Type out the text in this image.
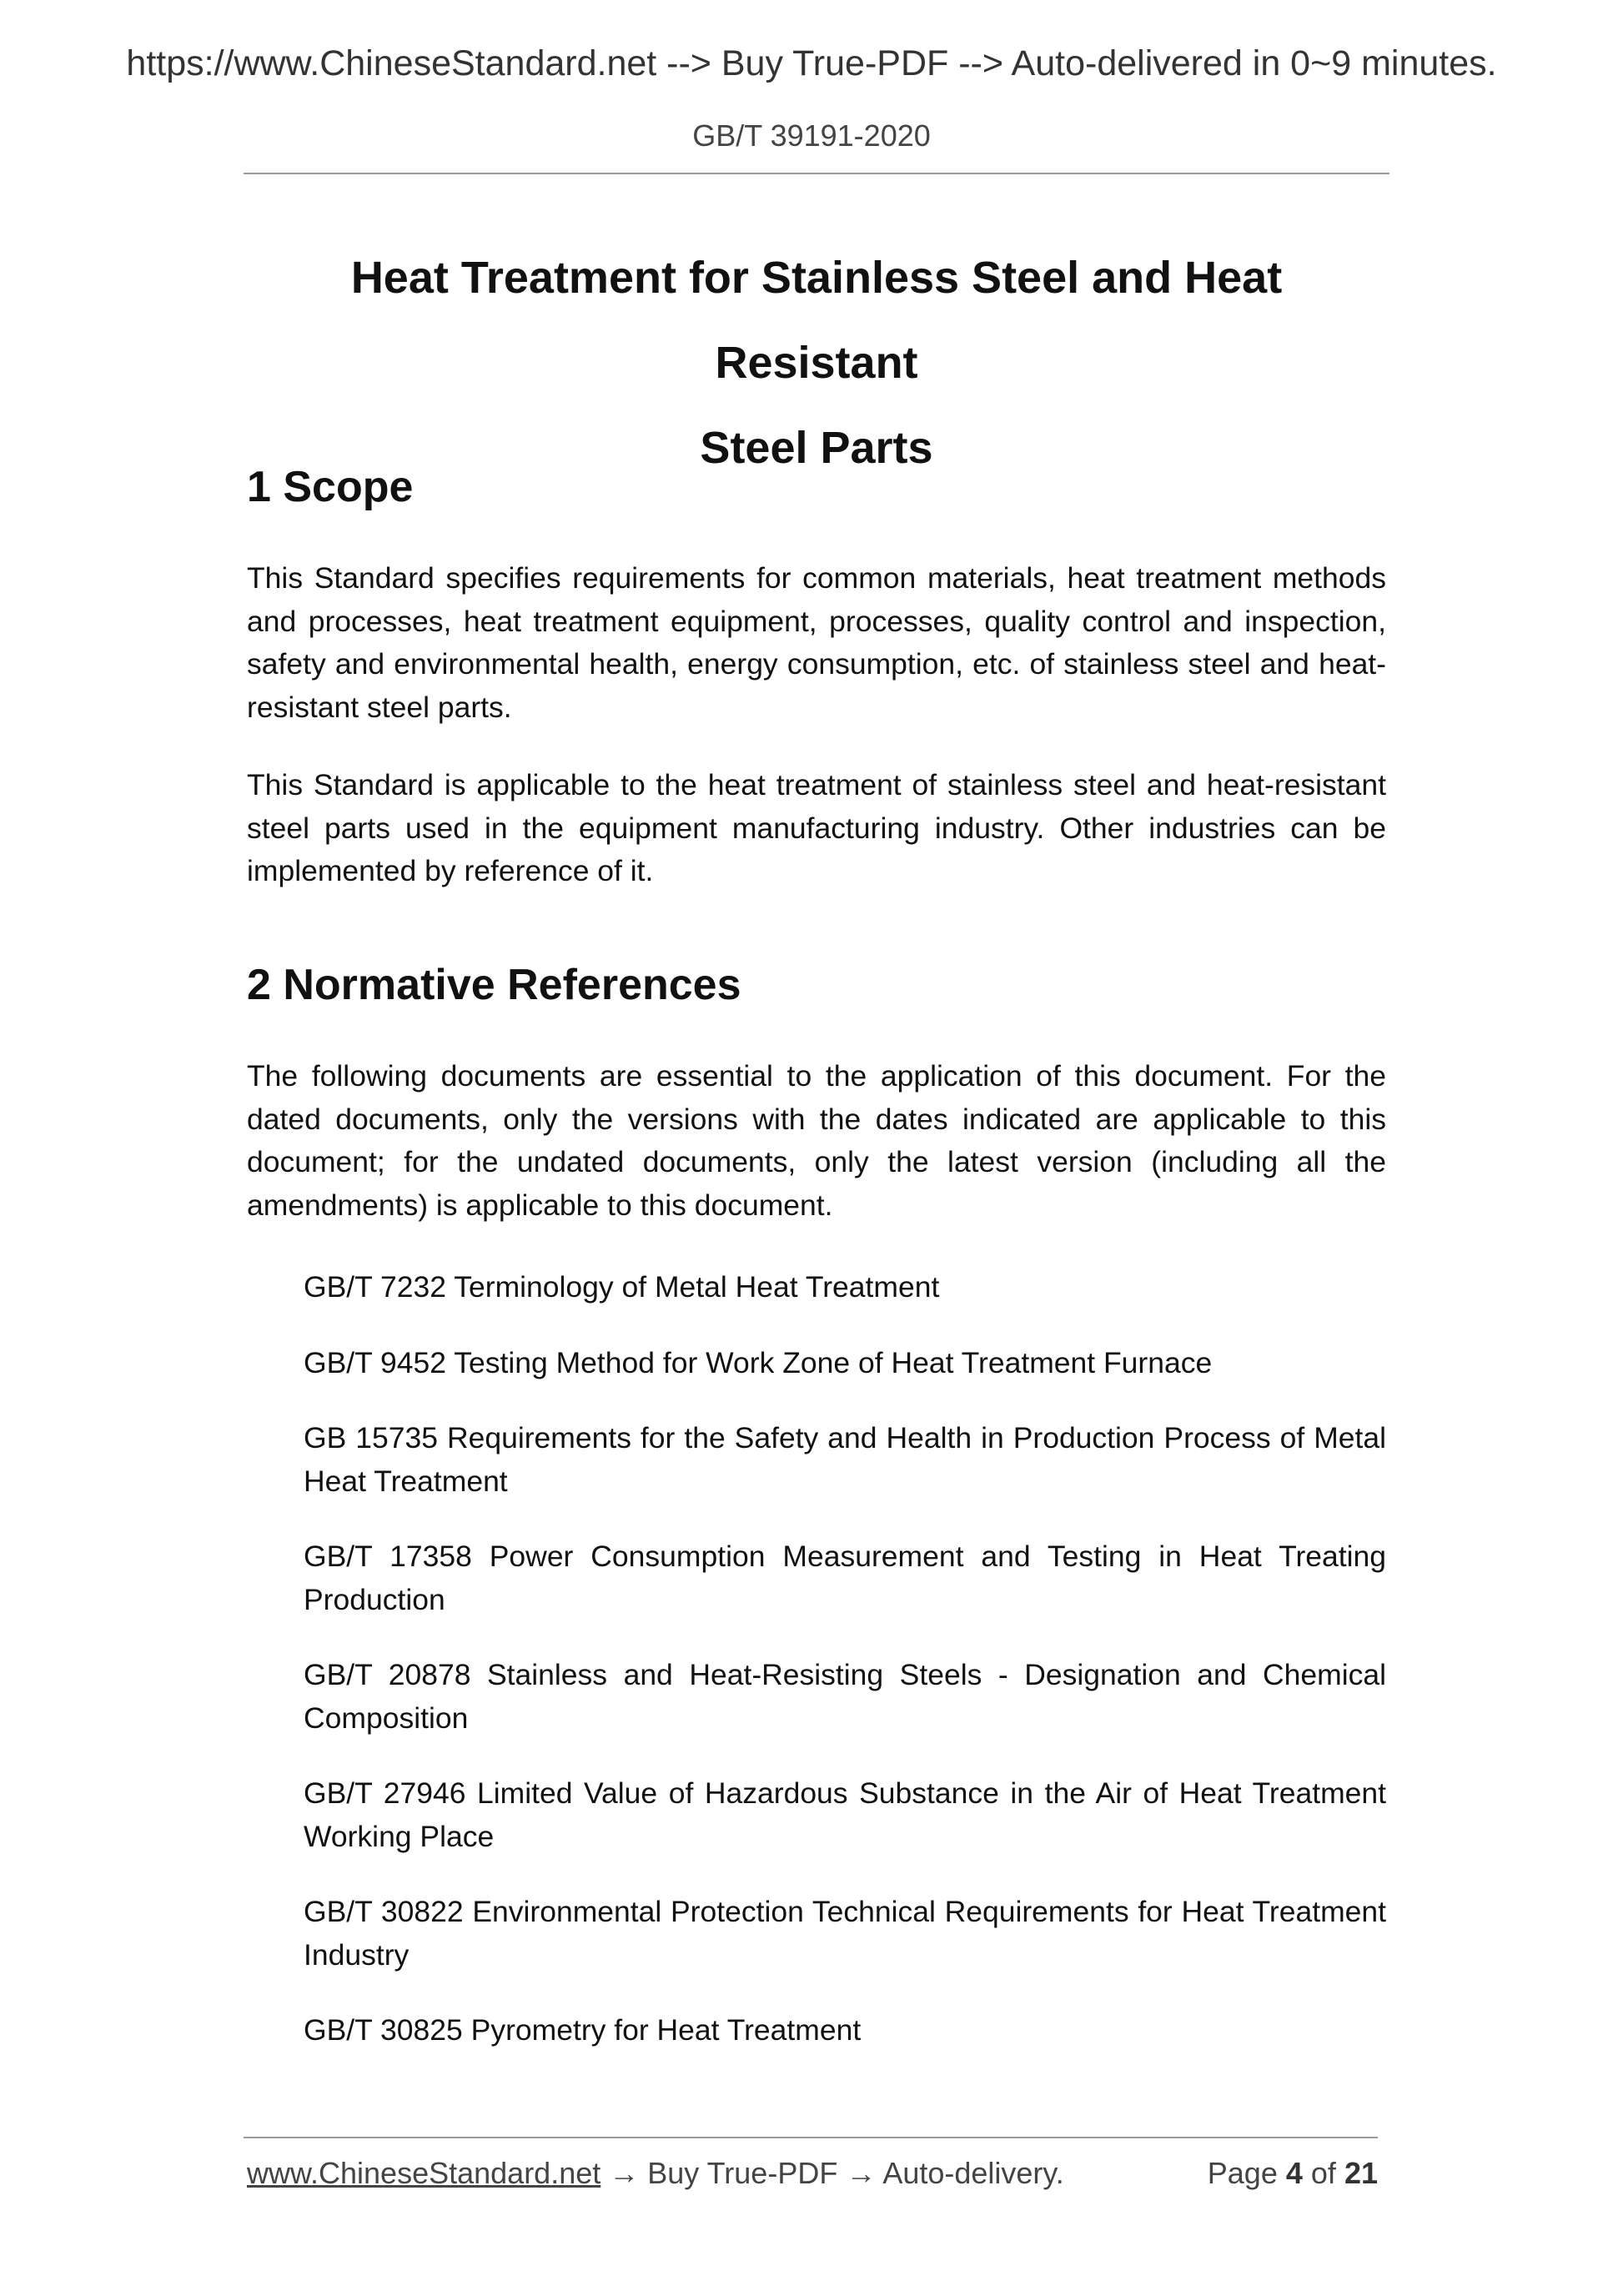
https://www.ChineseStandard.net --> Buy True-PDF --> Auto-delivered in 0~9 minutes.
GB/T 39191-2020
Heat Treatment for Stainless Steel and Heat Resistant
Steel Parts
1 Scope

This Standard specifies requirements for common materials, heat treatment methods and processes, heat treatment equipment, processes, quality control and inspection, safety and environmental health, energy consumption, etc. of stainless steel and heat-resistant steel parts.

This Standard is applicable to the heat treatment of stainless steel and heat-resistant steel parts used in the equipment manufacturing industry. Other industries can be implemented by reference of it.

2 Normative References

The following documents are essential to the application of this document. For the dated documents, only the versions with the dates indicated are applicable to this document; for the undated documents, only the latest version (including all the amendments) is applicable to this document.

GB/T 7232 Terminology of Metal Heat Treatment
GB/T 9452 Testing Method for Work Zone of Heat Treatment Furnace
GB 15735 Requirements for the Safety and Health in Production Process of Metal Heat Treatment
GB/T 17358 Power Consumption Measurement and Testing in Heat Treating Production
GB/T 20878 Stainless and Heat-Resisting Steels - Designation and Chemical Composition
GB/T 27946 Limited Value of Hazardous Substance in the Air of Heat Treatment Working Place
GB/T 30822 Environmental Protection Technical Requirements for Heat Treatment Industry
GB/T 30825 Pyrometry for Heat Treatment
www.ChineseStandard.net → Buy True-PDF → Auto-delivery.	Page 4 of 21
